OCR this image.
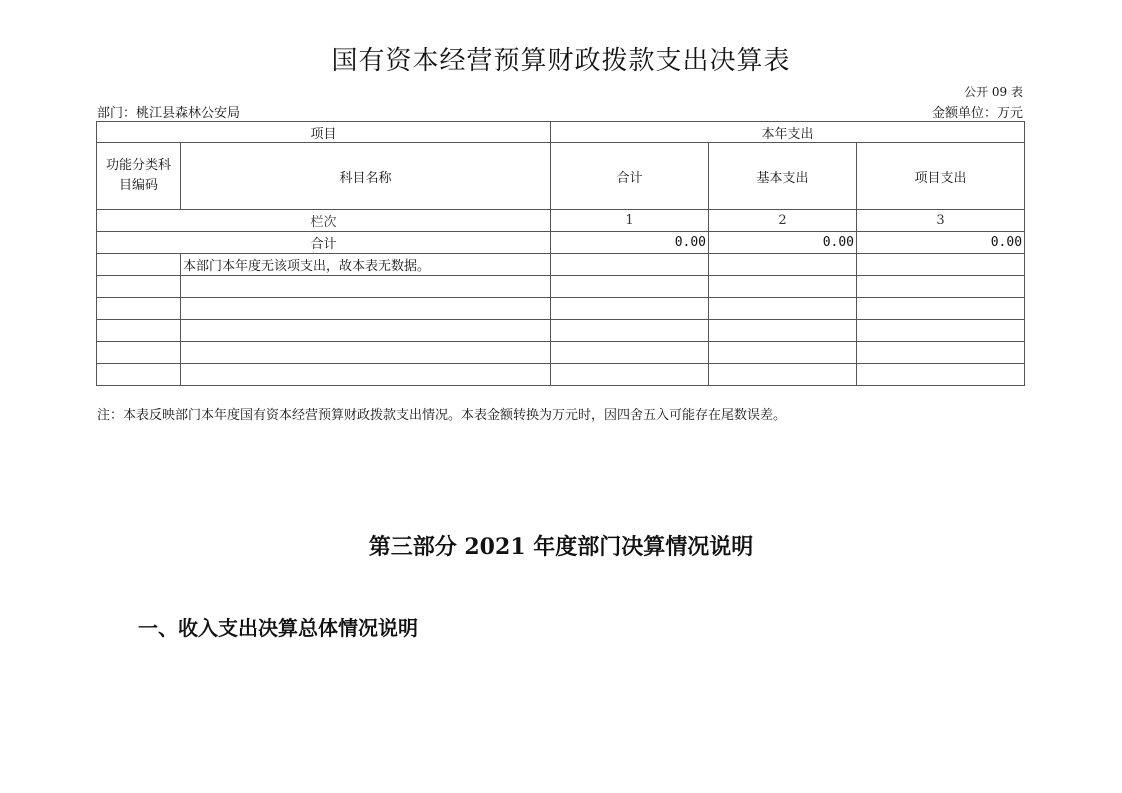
国有资本经营预算财政拨款支出决算表
公开 09 表
部门：桃江县森林公安局	金额单位：万元
项目		本年支出		
功能分类科目编码	科目名称	合计	基本支出	项目支出
栏次		1	2	3
合计		0.00	0.00	0.00
	本部门本年度无该项支出，故本表无数据。			

注：本表反映部门本年度国有资本经营预算财政拨款支出情况。本表金额转换为万元时，因四舍五入可能存在尾数误差。
第三部分 2021 年度部门决算情况说明
一、收入支出决算总体情况说明
